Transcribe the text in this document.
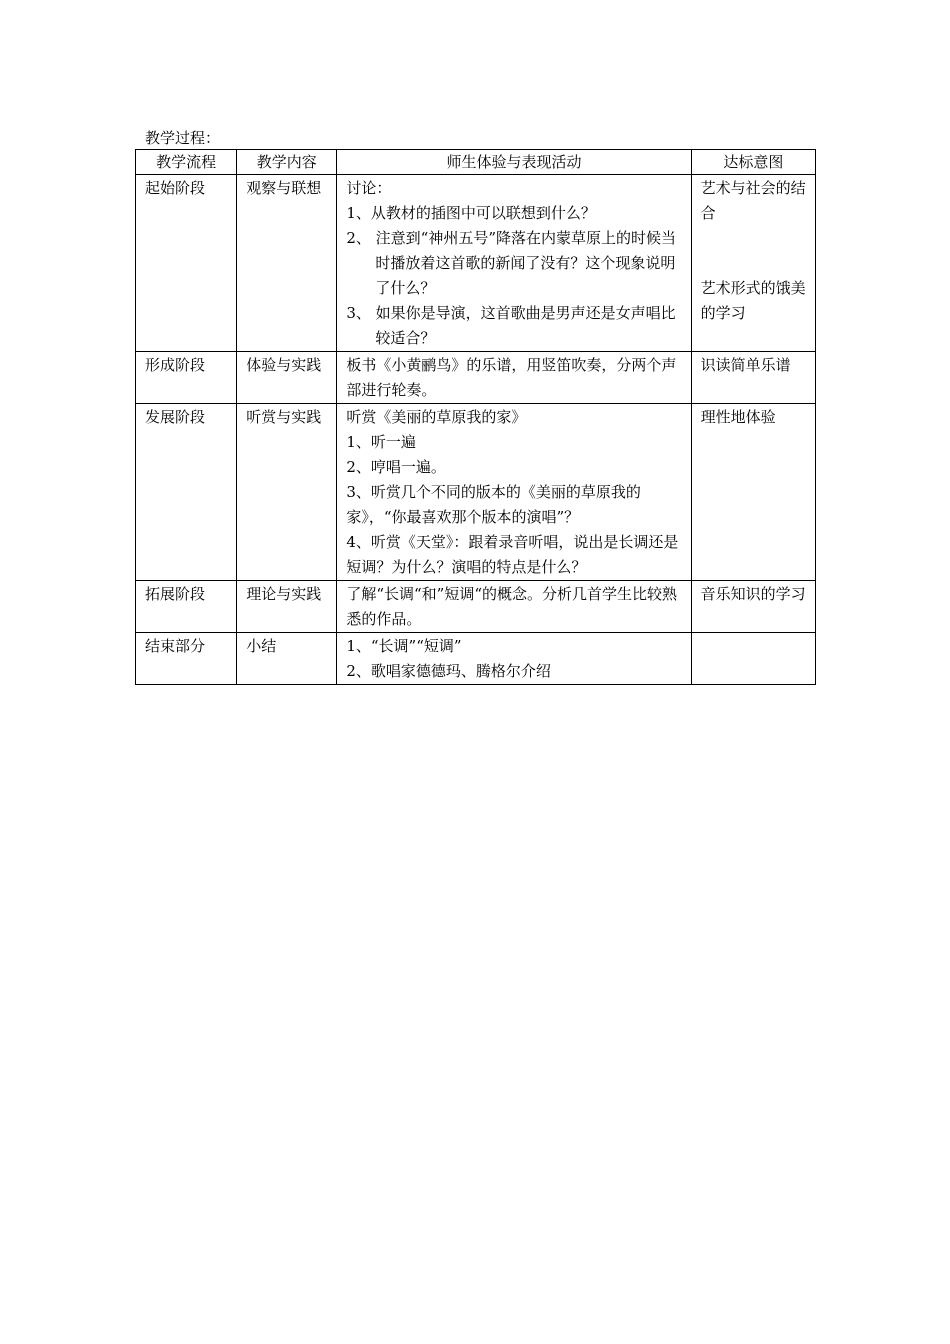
教学过程：
教学流程	教学内容	师生体验与表现活动	达标意图
起始阶段	观察与联想	讨论：
1、从教材的插图中可以联想到什么？
2、 注意到“神州五号”降落在内蒙草原上的时候当时播放着这首歌的新闻了没有？这个现象说明了什么？
3、 如果你是导演，这首歌曲是男声还是女声唱比较适合？	艺术与社会的结合
艺术形式的饿美的学习

形成阶段	体验与实践	板书《小黄鹂鸟》的乐谱，用竖笛吹奏，分两个声部进行轮奏。	识读简单乐谱

发展阶段	听赏与实践	听赏《美丽的草原我的家》
1、听一遍
2、哼唱一遍。
3、听赏几个不同的版本的《美丽的草原我的家》，“你最喜欢那个版本的演唱”？
4、听赏《天堂》：跟着录音听唱，说出是长调还是短调？为什么？演唱的特点是什么？	理性地体验

拓展阶段	理论与实践	了解“长调“和”短调“的概念。分析几首学生比较熟悉的作品。	音乐知识的学习

结束部分	小结	1、“长调”“短调”
2、歌唱家德德玛、腾格尔介绍	
